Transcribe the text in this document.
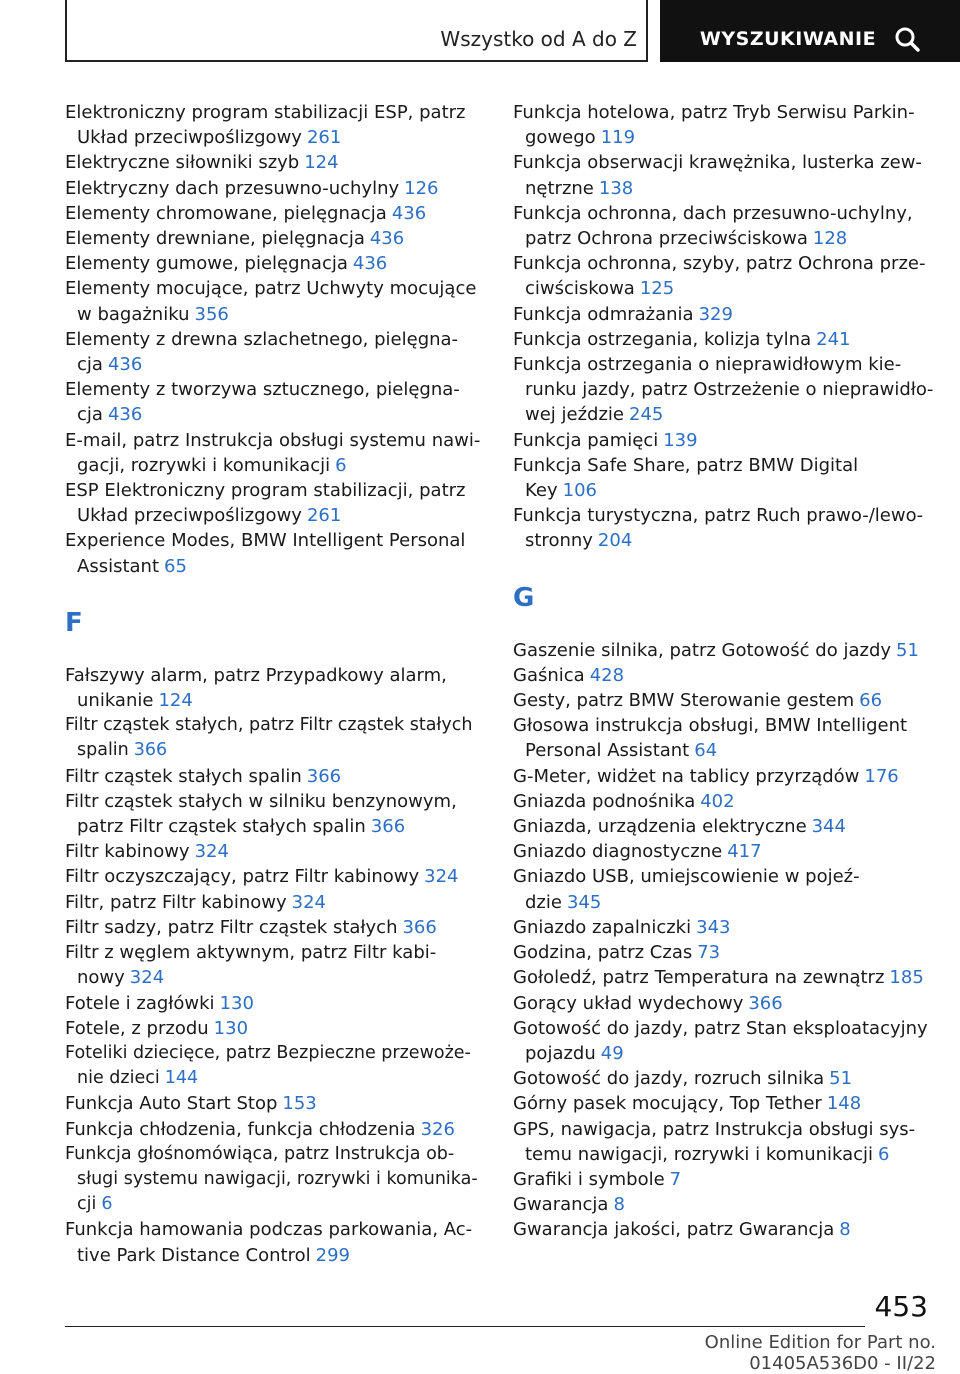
Wszystko od A do Z	WYSZUKIWANIE
Elektroniczny program stabilizacji ESP, patrz
Układ przeciwpoślizgowy 261
Elektryczne siłowniki szyb 124
Elektryczny dach przesuwno-uchylny 126
Elementy chromowane, pielęgnacja 436
Elementy drewniane, pielęgnacja 436
Elementy gumowe, pielęgnacja 436
Elementy mocujące, patrz Uchwyty mocujące
w bagażniku 356
Elementy z drewna szlachetnego, pielęgna‐
cja 436
Elementy z tworzywa sztucznego, pielęgna‐
cja 436
E-mail, patrz Instrukcja obsługi systemu nawi‐
gacji, rozrywki i komunikacji 6
ESP Elektroniczny program stabilizacji, patrz
Układ przeciwpoślizgowy 261
Experience Modes, BMW Intelligent Personal
Assistant 65
F
Fałszywy alarm, patrz Przypadkowy alarm,
unikanie 124
Filtr cząstek stałych, patrz Filtr cząstek stałych
spalin 366
Filtr cząstek stałych spalin 366
Filtr cząstek stałych w silniku benzynowym,
patrz Filtr cząstek stałych spalin 366
Filtr kabinowy 324
Filtr oczyszczający, patrz Filtr kabinowy 324
Filtr, patrz Filtr kabinowy 324
Filtr sadzy, patrz Filtr cząstek stałych 366
Filtr z węglem aktywnym, patrz Filtr kabi‐
nowy 324
Fotele i zagłówki 130
Fotele, z przodu 130
Foteliki dziecięce, patrz Bezpieczne przewoże‐
nie dzieci 144
Funkcja Auto Start Stop 153
Funkcja chłodzenia, funkcja chłodzenia 326
Funkcja głośnomówiąca, patrz Instrukcja ob‐
sługi systemu nawigacji, rozrywki i komunika‐
cji 6
Funkcja hamowania podczas parkowania, Ac‐
tive Park Distance Control 299
Funkcja hotelowa, patrz Tryb Serwisu Parkin‐
gowego 119
Funkcja obserwacji krawężnika, lusterka zew‐
nętrzne 138
Funkcja ochronna, dach przesuwno-uchylny,
patrz Ochrona przeciwściskowa 128
Funkcja ochronna, szyby, patrz Ochrona prze‐
ciwściskowa 125
Funkcja odmrażania 329
Funkcja ostrzegania, kolizja tylna 241
Funkcja ostrzegania o nieprawidłowym kie‐
runku jazdy, patrz Ostrzeżenie o nieprawidło‐
wej jeździe 245
Funkcja pamięci 139
Funkcja Safe Share, patrz BMW Digital
Key 106
Funkcja turystyczna, patrz Ruch prawo-/lewo‐
stronny 204
G
Gaszenie silnika, patrz Gotowość do jazdy 51
Gaśnica 428
Gesty, patrz BMW Sterowanie gestem 66
Głosowa instrukcja obsługi, BMW Intelligent
Personal Assistant 64
G-Meter, widżet na tablicy przyrządów 176
Gniazda podnośnika 402
Gniazda, urządzenia elektryczne 344
Gniazdo diagnostyczne 417
Gniazdo USB, umiejscowienie w pojeź‐
dzie 345
Gniazdo zapalniczki 343
Godzina, patrz Czas 73
Gołoledź, patrz Temperatura na zewnątrz 185
Gorący układ wydechowy 366
Gotowość do jazdy, patrz Stan eksploatacyjny
pojazdu 49
Gotowość do jazdy, rozruch silnika 51
Górny pasek mocujący, Top Tether 148
GPS, nawigacja, patrz Instrukcja obsługi sys‐
temu nawigacji, rozrywki i komunikacji 6
Grafiki i symbole 7
Gwarancja 8
Gwarancja jakości, patrz Gwarancja 8
453
Online Edition for Part no. 01405A536D0 - II/22
